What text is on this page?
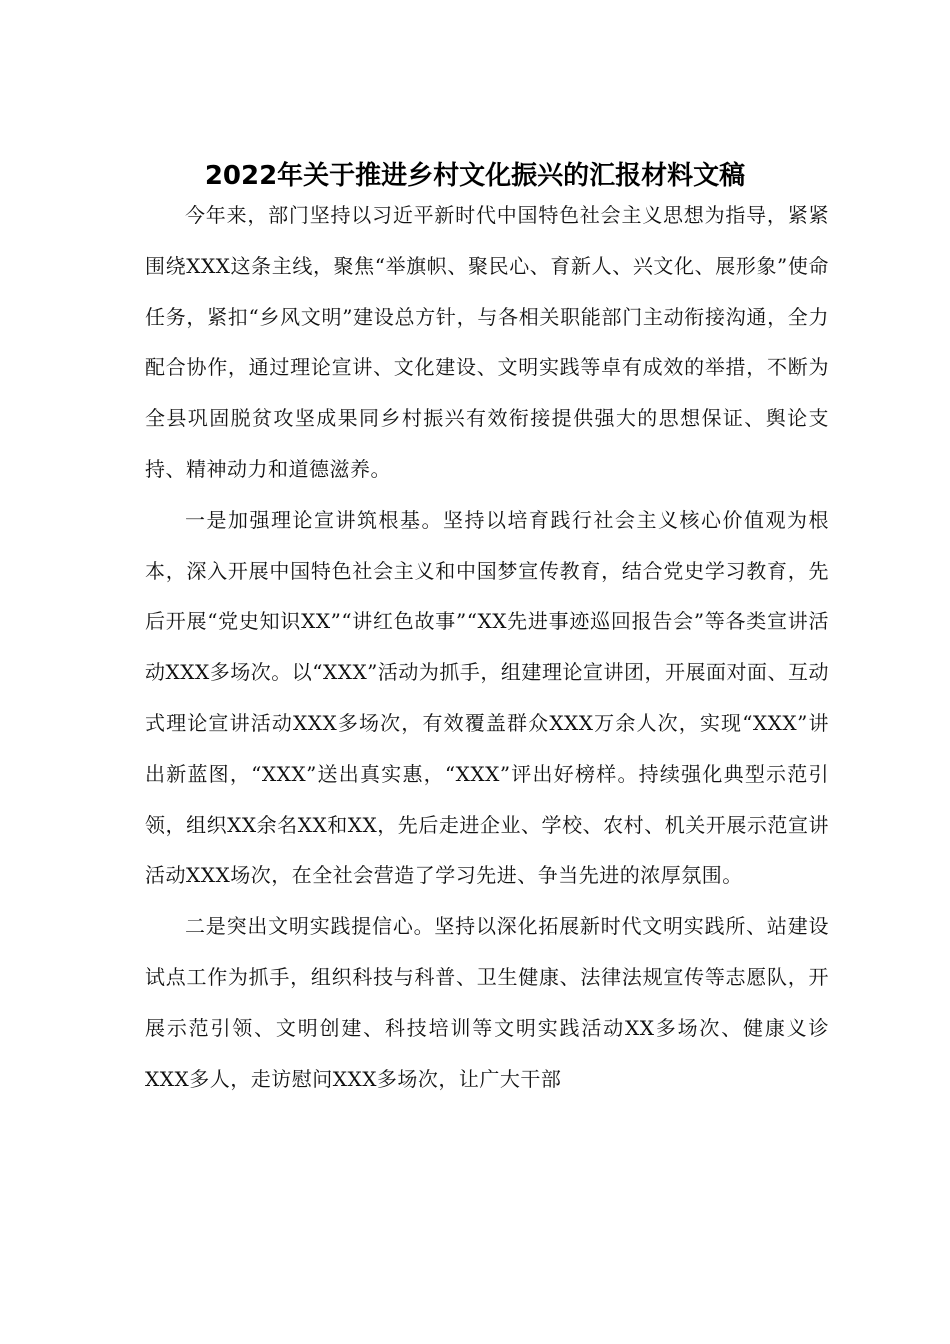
2022年关于推进乡村文化振兴的汇报材料文稿

今年来，部门坚持以习近平新时代中国特色社会主义思想为指导，紧紧围绕XXX这条主线，聚焦“举旗帜、聚民心、育新人、兴文化、展形象”使命任务，紧扣“乡风文明”建设总方针，与各相关职能部门主动衔接沟通，全力配合协作，通过理论宣讲、文化建设、文明实践等卓有成效的举措，不断为全县巩固脱贫攻坚成果同乡村振兴有效衔接提供强大的思想保证、舆论支持、精神动力和道德滋养。

一是加强理论宣讲筑根基。坚持以培育践行社会主义核心价值观为根本，深入开展中国特色社会主义和中国梦宣传教育，结合党史学习教育，先后开展“党史知识XX”“讲红色故事”“XX先进事迹巡回报告会”等各类宣讲活动XXX多场次。以“XXX”活动为抓手，组建理论宣讲团，开展面对面、互动式理论宣讲活动XXX多场次，有效覆盖群众XXX万余人次，实现“XXX”讲出新蓝图，“XXX”送出真实惠，“XXX”评出好榜样。持续强化典型示范引领，组织XX余名XX和XX，先后走进企业、学校、农村、机关开展示范宣讲活动XXX场次，在全社会营造了学习先进、争当先进的浓厚氛围。

二是突出文明实践提信心。坚持以深化拓展新时代文明实践所、站建设试点工作为抓手，组织科技与科普、卫生健康、法律法规宣传等志愿队，开展示范引领、文明创建、科技培训等文明实践活动XX多场次、健康义诊XXX多人，走访慰问XXX多场次，让广大干部
